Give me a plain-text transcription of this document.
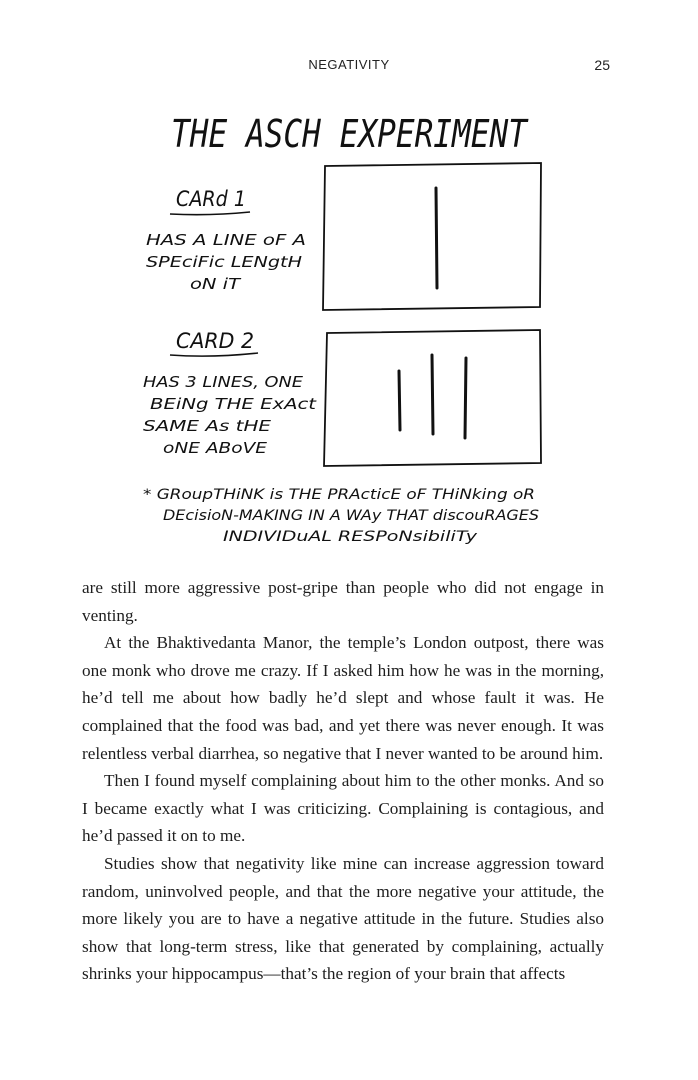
NEGATIVITY	25
THE ASCH EXPERIMENT
CARd 1
HAS A LINE oF A
SPEciFic LENgtH
oN iT
CARD 2
HAS 3 LINES, ONE
BEiNg THE ExAct
SAME As tHE
oNE ABoVE
* GRoupTHiNK is THE PRActicE oF THiNking oR
DEcisioN-MAKING IN A WAy THAT discouRAGES
INDIVIDuAL RESPoNsibiliTy

are still more aggressive post-gripe than people who did not engage in venting.

At the Bhaktivedanta Manor, the temple’s London outpost, there was one monk who drove me crazy. If I asked him how he was in the morning, he’d tell me about how badly he’d slept and whose fault it was. He complained that the food was bad, and yet there was never enough. It was relentless verbal diarrhea, so negative that I never wanted to be around him.

Then I found myself complaining about him to the other monks. And so I became exactly what I was criticizing. Complaining is contagious, and he’d passed it on to me.

Studies show that negativity like mine can increase aggression toward random, uninvolved people, and that the more negative your attitude, the more likely you are to have a negative attitude in the future. Studies also show that long-term stress, like that generated by complaining, actually shrinks your hippocampus—that’s the region of your brain that affects
